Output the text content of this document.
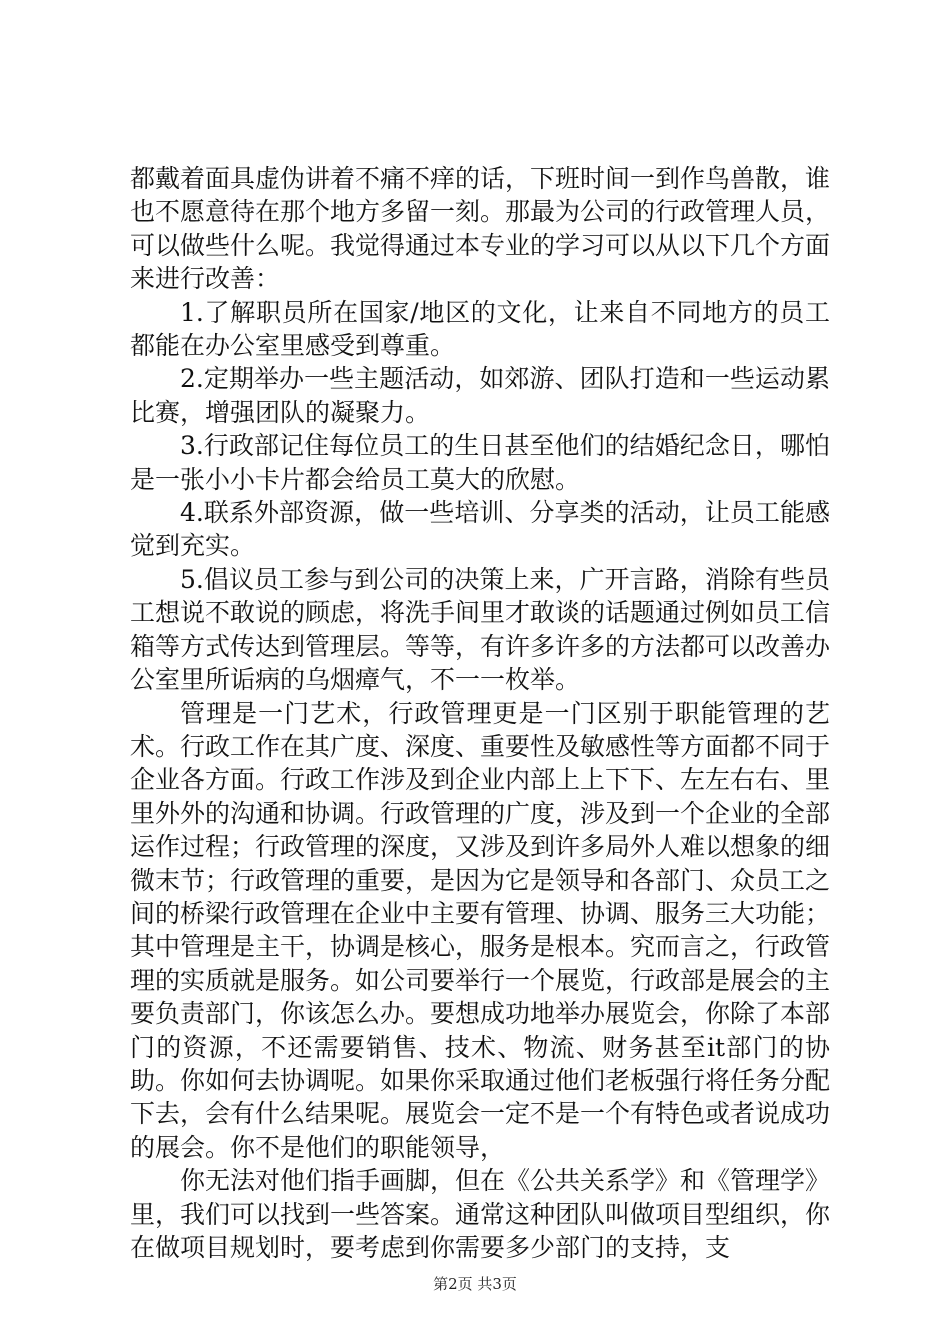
都戴着面具虚伪讲着不痛不痒的话，下班时间一到作鸟兽散，谁也不愿意待在那个地方多留一刻。那最为公司的行政管理人员，可以做些什么呢。我觉得通过本专业的学习可以从以下几个方面来进行改善：

1.了解职员所在国家/地区的文化，让来自不同地方的员工都能在办公室里感受到尊重。

2.定期举办一些主题活动，如郊游、团队打造和一些运动累比赛，增强团队的凝聚力。

3.行政部记住每位员工的生日甚至他们的结婚纪念日，哪怕是一张小小卡片都会给员工莫大的欣慰。

4.联系外部资源，做一些培训、分享类的活动，让员工能感觉到充实。

5.倡议员工参与到公司的决策上来，广开言路，消除有些员工想说不敢说的顾虑，将洗手间里才敢谈的话题通过例如员工信箱等方式传达到管理层。等等，有许多许多的方法都可以改善办公室里所诟病的乌烟瘴气，不一一枚举。

管理是一门艺术，行政管理更是一门区别于职能管理的艺术。行政工作在其广度、深度、重要性及敏感性等方面都不同于企业各方面。行政工作涉及到企业内部上上下下、左左右右、里里外外的沟通和协调。行政管理的广度，涉及到一个企业的全部运作过程；行政管理的深度，又涉及到许多局外人难以想象的细微末节；行政管理的重要，是因为它是领导和各部门、众员工之间的桥梁行政管理在企业中主要有管理、协调、服务三大功能；其中管理是主干，协调是核心，服务是根本。究而言之，行政管理的实质就是服务。如公司要举行一个展览，行政部是展会的主要负责部门，你该怎么办。要想成功地举办展览会，你除了本部门的资源，不还需要销售、技术、物流、财务甚至it部门的协助。你如何去协调呢。如果你采取通过他们老板强行将任务分配下去，会有什么结果呢。展览会一定不是一个有特色或者说成功的展会。你不是他们的职能领导，

你无法对他们指手画脚，但在《公共关系学》和《管理学》里，我们可以找到一些答案。通常这种团队叫做项目型组织，你在做项目规划时，要考虑到你需要多少部门的支持，支

第2页 共3页
